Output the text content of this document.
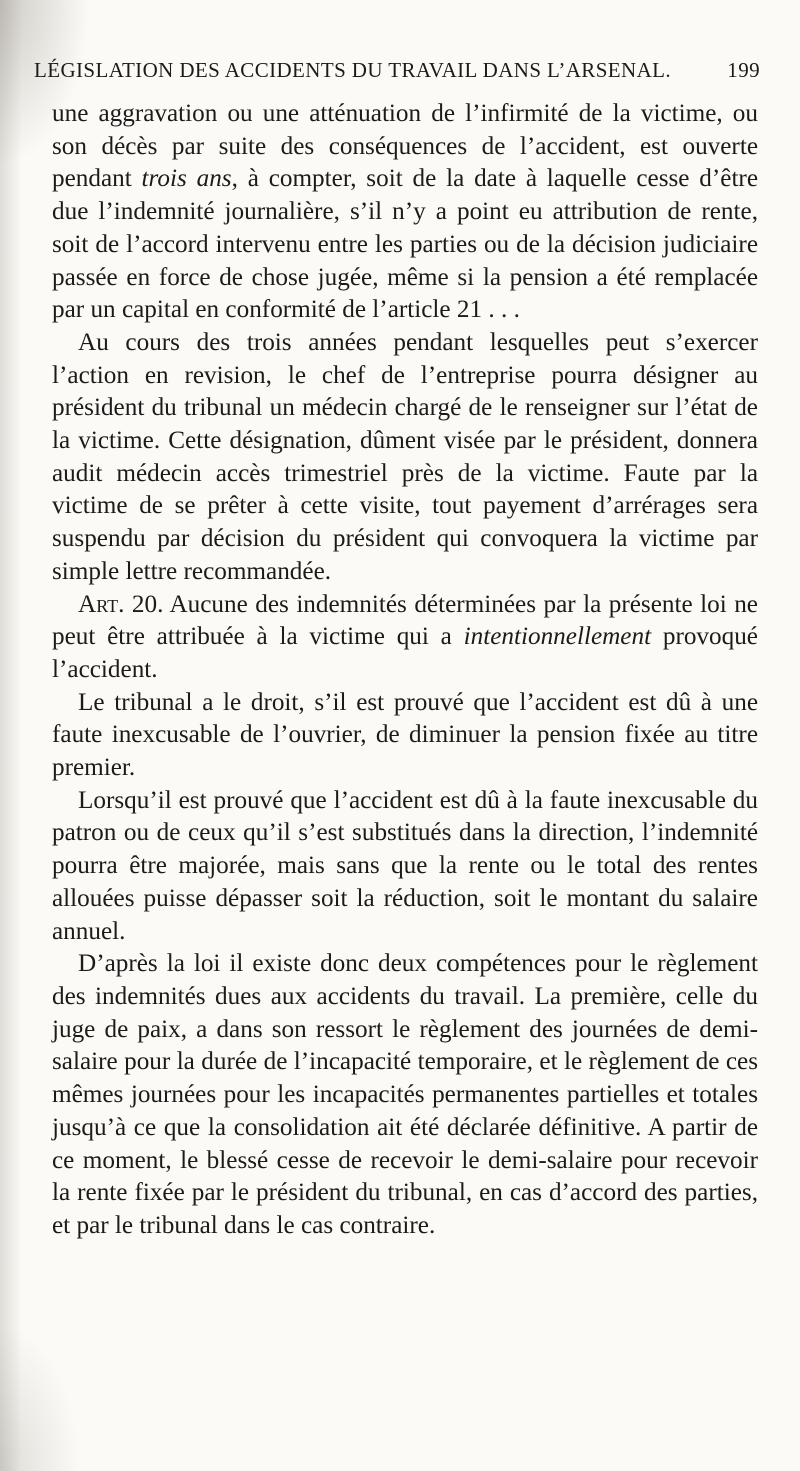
LÉGISLATION DES ACCIDENTS DU TRAVAIL DANS L’ARSENAL.	199

une aggravation ou une atténuation de l’infirmité de la victime, ou son décès par suite des conséquences de l’accident, est ouverte pendant trois ans, à compter, soit de la date à laquelle cesse d’être due l’indemnité journalière, s’il n’y a point eu attribution de rente, soit de l’accord intervenu entre les parties ou de la décision judiciaire passée en force de chose jugée, même si la pension a été remplacée par un capital en conformité de l’article 21 . . .

Au cours des trois années pendant lesquelles peut s’exercer l’action en revision, le chef de l’entreprise pourra désigner au président du tribunal un médecin chargé de le renseigner sur l’état de la victime. Cette désignation, dûment visée par le président, donnera audit médecin accès trimestriel près de la victime. Faute par la victime de se prêter à cette visite, tout payement d’arrérages sera suspendu par décision du président qui convoquera la victime par simple lettre recommandée.

Art. 20. Aucune des indemnités déterminées par la présente loi ne peut être attribuée à la victime qui a intentionnellement provoqué l’accident.

Le tribunal a le droit, s’il est prouvé que l’accident est dû à une faute inexcusable de l’ouvrier, de diminuer la pension fixée au titre premier.

Lorsqu’il est prouvé que l’accident est dû à la faute inexcusable du patron ou de ceux qu’il s’est substitués dans la direction, l’indemnité pourra être majorée, mais sans que la rente ou le total des rentes allouées puisse dépasser soit la réduction, soit le montant du salaire annuel.

D’après la loi il existe donc deux compétences pour le règlement des indemnités dues aux accidents du travail. La première, celle du juge de paix, a dans son ressort le règlement des journées de demi-salaire pour la durée de l’incapacité temporaire, et le règlement de ces mêmes journées pour les incapacités permanentes partielles et totales jusqu’à ce que la consolidation ait été déclarée définitive. A partir de ce moment, le blessé cesse de recevoir le demi-salaire pour recevoir la rente fixée par le président du tribunal, en cas d’accord des parties, et par le tribunal dans le cas contraire.
